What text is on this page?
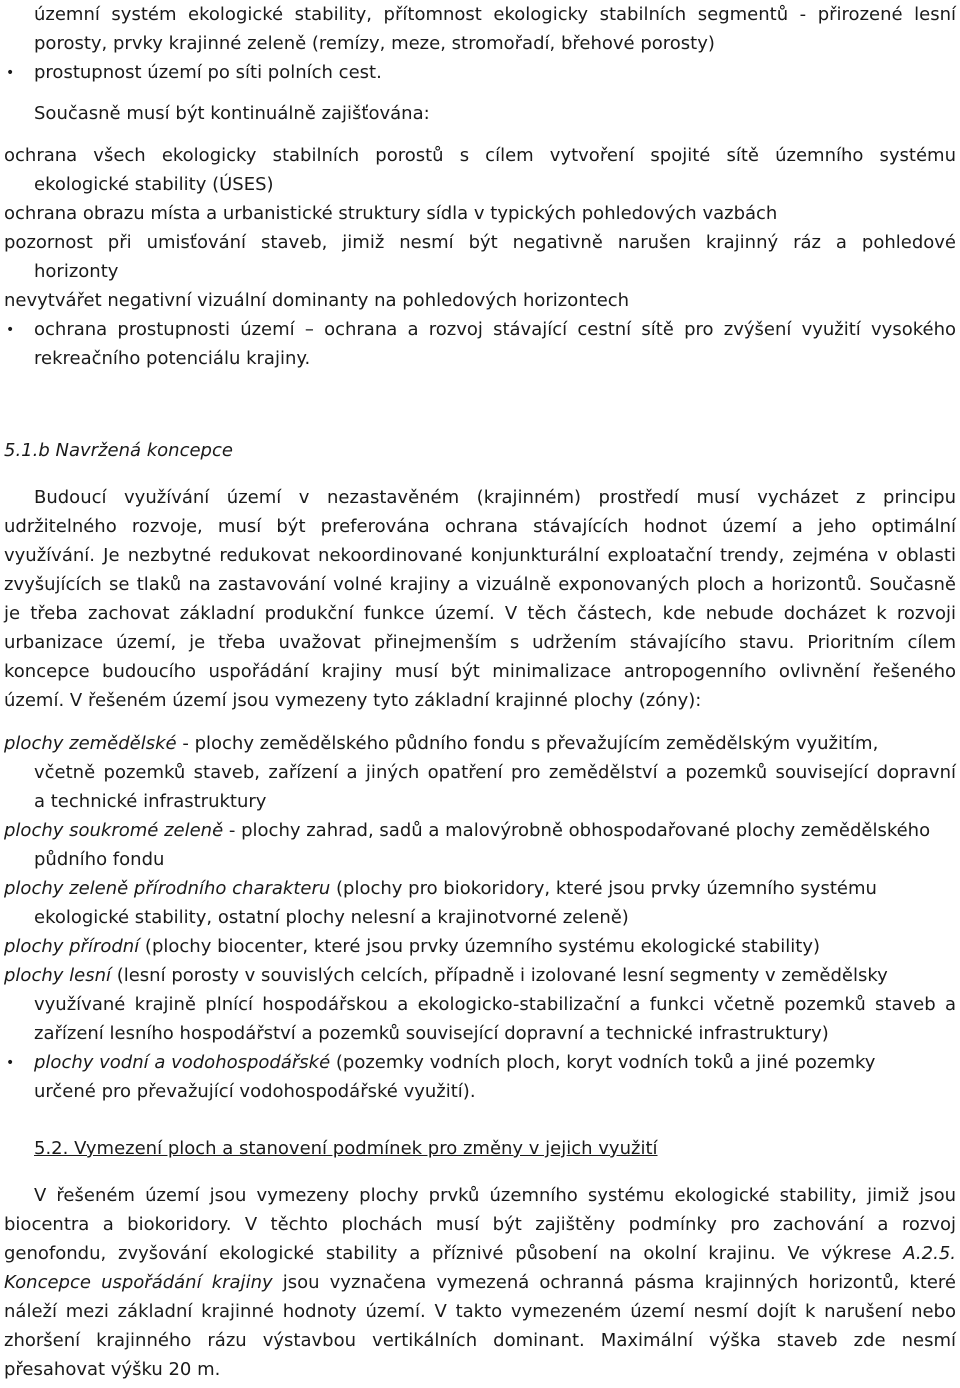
územní systém ekologické stability, přítomnost ekologicky stabilních segmentů - přirozené lesní
porosty, prvky krajinné zeleně (remízy, meze, stromořadí, břehové porosty)
• prostupnost území po síti polních cest.
Současně musí být kontinuálně zajišťována:
ochrana všech ekologicky stabilních porostů s cílem vytvoření spojité sítě územního systému
ekologické stability (ÚSES)
ochrana obrazu místa a urbanistické struktury sídla v typických pohledových vazbách
pozornost při umisťování staveb, jimiž nesmí být negativně narušen krajinný ráz a pohledové
horizonty
nevytvářet negativní vizuální dominanty na pohledových horizontech
• ochrana prostupnosti území – ochrana a rozvoj stávající cestní sítě pro zvýšení využití vysokého
rekreačního potenciálu krajiny.
5.1.b Navržená koncepce
Budoucí využívání území v nezastavěném (krajinném) prostředí musí vycházet z principu
udržitelného rozvoje, musí být preferována ochrana stávajících hodnot území a jeho optimální
využívání. Je nezbytné redukovat nekoordinované konjunkturální exploatační trendy, zejména v oblasti
zvyšujících se tlaků na zastavování volné krajiny a vizuálně exponovaných ploch a horizontů. Současně
je třeba zachovat základní produkční funkce území. V těch částech, kde nebude docházet k rozvoji
urbanizace území, je třeba uvažovat přinejmenším s udržením stávajícího stavu. Prioritním cílem
koncepce budoucího uspořádání krajiny musí být minimalizace antropogenního ovlivnění řešeného
území. V řešeném území jsou vymezeny tyto základní krajinné plochy (zóny):
plochy zemědělské - plochy zemědělského půdního fondu s převažujícím zemědělským využitím,
včetně pozemků staveb, zařízení a jiných opatření pro zemědělství a pozemků související dopravní
a technické infrastruktury
plochy soukromé zeleně - plochy zahrad, sadů a malovýrobně obhospodařované plochy zemědělského
půdního fondu
plochy zeleně přírodního charakteru (plochy pro biokoridory, které jsou prvky územního systému
ekologické stability, ostatní plochy nelesní a krajinotvorné zeleně)
plochy přírodní (plochy biocenter, které jsou prvky územního systému ekologické stability)
plochy lesní (lesní porosty v souvislých celcích, případně i izolované lesní segmenty v zemědělsky
využívané krajině plnící hospodářskou a ekologicko-stabilizační a funkci včetně pozemků staveb a
zařízení lesního hospodářství a pozemků související dopravní a technické infrastruktury)
• plochy vodní a vodohospodářské (pozemky vodních ploch, koryt vodních toků a jiné pozemky
určené pro převažující vodohospodářské využití).
5.2. Vymezení ploch a stanovení podmínek pro změny v jejich využití
V řešeném území jsou vymezeny plochy prvků územního systému ekologické stability, jimiž jsou
biocentra a biokoridory. V těchto plochách musí být zajištěny podmínky pro zachování a rozvoj
genofondu, zvyšování ekologické stability a příznivé působení na okolní krajinu. Ve výkrese A.2.5.
Koncepce uspořádání krajiny jsou vyznačena vymezená ochranná pásma krajinných horizontů, které
náleží mezi základní krajinné hodnoty území. V takto vymezeném území nesmí dojít k narušení nebo
zhoršení krajinného rázu výstavbou vertikálních dominant. Maximální výška staveb zde nesmí
přesahovat výšku 20 m.
